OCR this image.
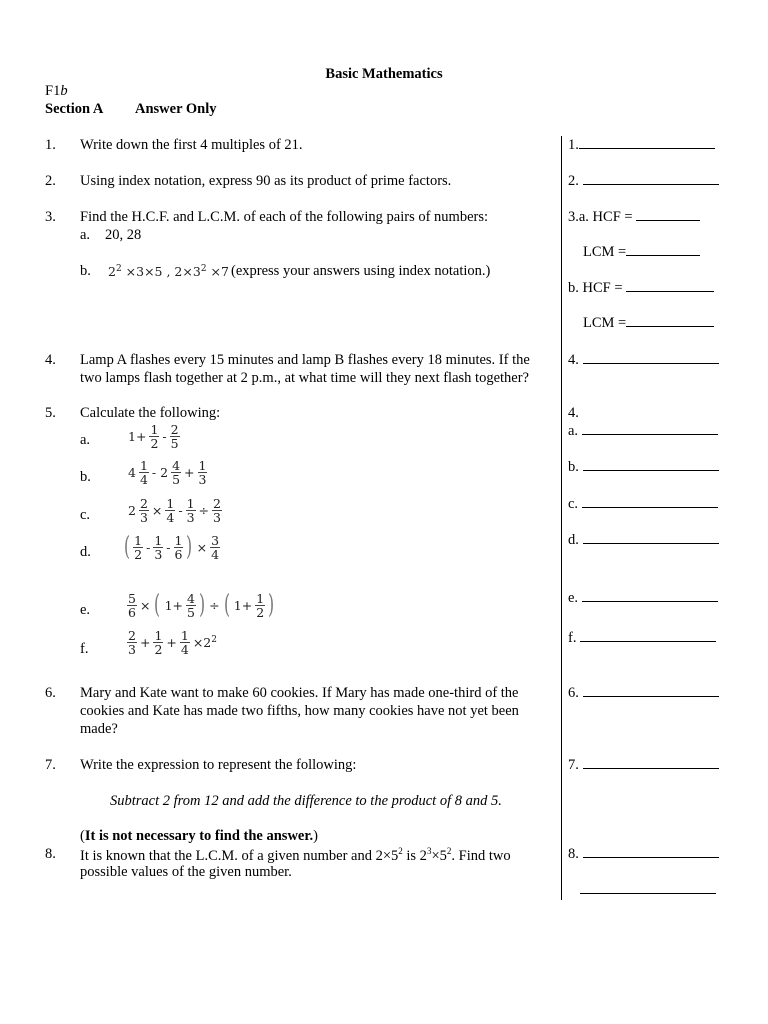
Basic Mathematics
F1b
Section A Answer Only
1. Write down the first 4 multiples of 21.
2. Using index notation, express 90 as its product of prime factors.
3. Find the H.C.F. and L.C.M. of each of the following pairs of numbers:
a. 20, 28
b. $2^2 \times 3\times 5$ , $2\times 3^2 \times 7$ (express your answers using index notation.)
4. Lamp A flashes every 15 minutes and lamp B flashes every 18 minutes. If the
two lamps flash together at 2 p.m., at what time will they next flash together?
5. Calculate the following:
a.	$1+ \frac{1}{2} - \frac{2}{5}$
b.	$4 \frac{1}{4} - 2 \frac{4}{5} + \frac{1}{3}$
c.	$2 \frac{2}{3} \times \frac{1}{4} - \frac{1}{3} \div \frac{2}{3}$
d. ( $\frac{1}{2} - \frac{1}{3} - \frac{1}{6}$ ) × $\frac{3}{4}$
e.	$\frac{5}{6}$ × ( $1+ \frac{4}{5}$ ) ÷ ( $1+ \frac{1}{2}$ )
f.	$\frac{2}{3} + \frac{1}{2} + \frac{1}{4} \times 2^2$
6. Mary and Kate want to make 60 cookies. If Mary has made one-third of the
cookies and Kate has made two fifths, how many cookies have not yet been
made?
7. Write the expression to represent the following:
Subtract 2 from 12 and add the difference to the product of 8 and 5.
(It is not necessary to find the answer.)
8. It is known that the L.C.M. of a given number and $2\times 5^2$ is $2^3\times 5^2$. Find two
possible values of the given number.
1.
2.
3.a. HCF =
LCM =
b. HCF =
LCM =
4.
4.
a.
b.
c.
d.
e.
f.
6.
7.
8.
